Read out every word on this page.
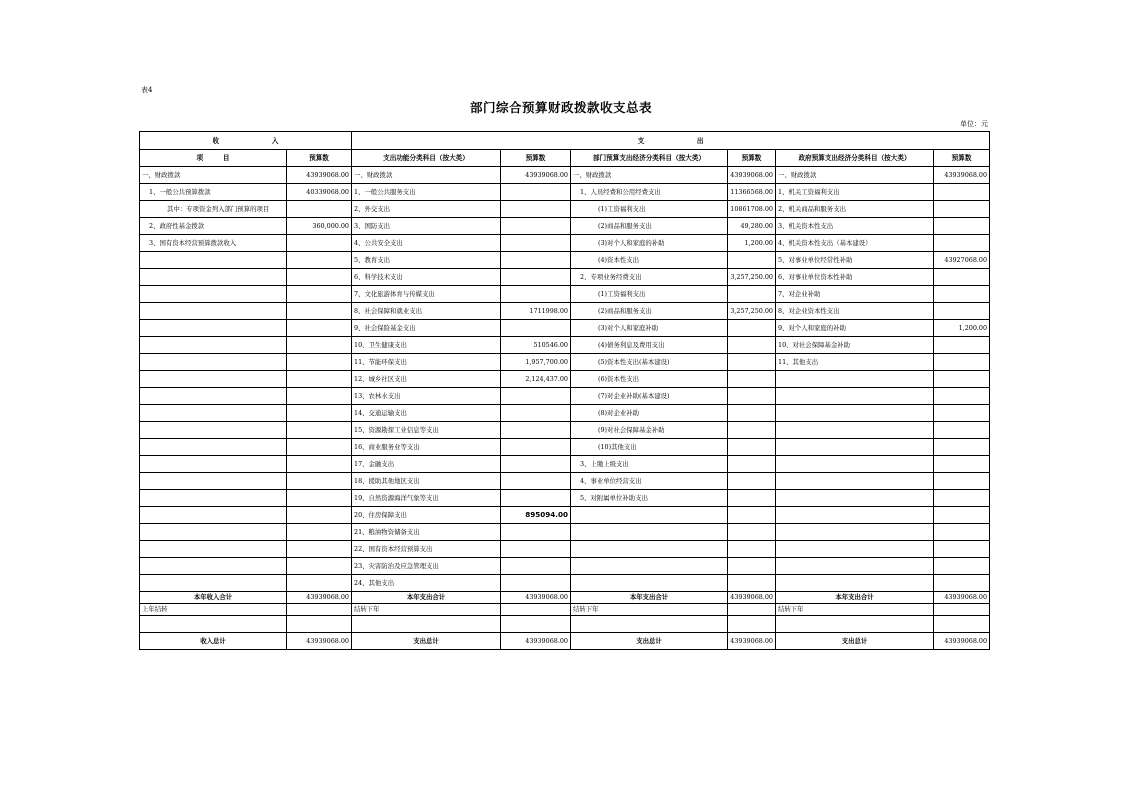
表4
部门综合预算财政拨款收支总表
单位：元
收　　　　　　　　入		支　　　　　　　　出					
项　　　目	预算数	支出功能分类科目（按大类）	预算数	部门预算支出经济分类科目（按大类）	预算数	政府预算支出经济分类科目（按大类）	预算数
一、财政拨款	43939068.00	一、财政拨款	43939068.00	一、财政拨款	43939068.00	一、财政拨款	43939068.00
1、一般公共预算拨款	40339068.00	1、一般公共服务支出		1、人员经费和公用经费支出	11366568.00	1、机关工资福利支出	
其中：专项资金列入部门预算的项目		2、外交支出		(1)工资福利支出	10861708.00	2、机关商品和服务支出	
2、政府性基金拨款	360,000.00	3、国防支出		(2)商品和服务支出	49,280.00	3、机关资本性支出	
3、国有资本经营预算拨款收入		4、公共安全支出		(3)对个人和家庭的补助	1,200.00	4、机关资本性支出（基本建设）	
		5、教育支出		(4)资本性支出		5、对事业单位经常性补助	43927068.00
		6、科学技术支出		2、专项业务经费支出	3,257,250.00	6、对事业单位资本性补助	
		7、文化旅游体育与传媒支出		(1)工资福利支出		7、对企业补助	
		8、社会保障和就业支出	1711998.00	(2)商品和服务支出	3,257,250.00	8、对企业资本性支出	
		9、社会保险基金支出		(3)对个人和家庭补助		9、对个人和家庭的补助	1,200.00
		10、卫生健康支出	510546.00	(4)债务利息及费用支出		10、对社会保障基金补助	
		11、节能环保支出	1,957,700.00	(5)资本性支出(基本建设)		11、其他支出	
		12、城乡社区支出	2,124,437.00	(6)资本性支出			
		13、农林水支出		(7)对企业补助(基本建设)			
		14、交通运输支出		(8)对企业补助			
		15、资源勘探工业信息等支出		(9)对社会保障基金补助			
		16、商业服务业等支出		(10)其他支出			
		17、金融支出		3、上缴上级支出			
		18、援助其他地区支出		4、事业单位经营支出			
		19、自然资源海洋气象等支出		5、对附属单位补助支出			
		20、住房保障支出	895094.00				
		21、粮油物资储备支出					
		22、国有资本经营预算支出					
		23、灾害防治及应急管理支出					
		24、其他支出					
本年收入合计	43939068.00	本年支出合计	43939068.00	本年支出合计	43939068.00	本年支出合计	43939068.00
上年结转		结转下年		结转下年		结转下年	

收入总计	43939068.00	支出总计	43939068.00	支出总计	43939068.00	支出总计	43939068.00
